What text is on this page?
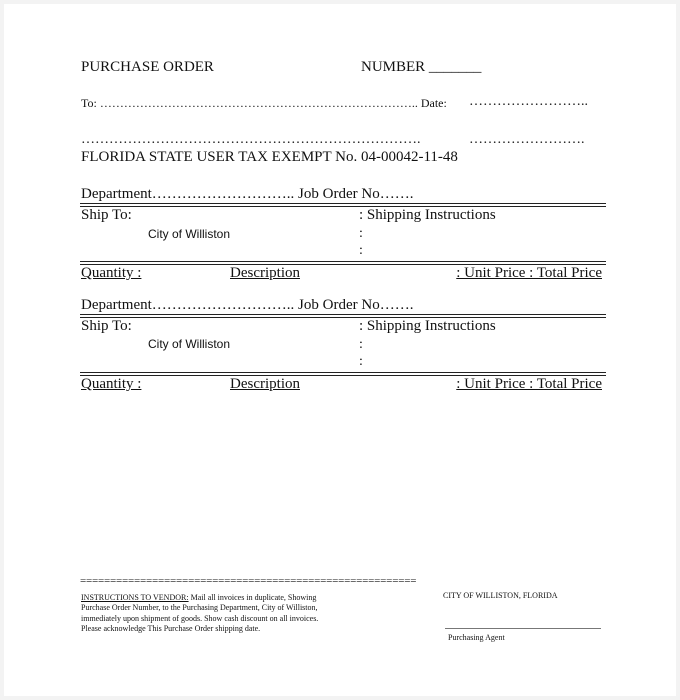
PURCHASE ORDER	NUMBER _______
To: …………………………………………………………………….. Date: ……………………..
……………………………………………………………….	…………………….
FLORIDA STATE USER TAX EXEMPT No. 04-00042-11-48
Department……………………….. Job Order No…….
Ship To:	: Shipping Instructions
City of Williston	:
:
Quantity :	Description	: Unit Price : Total Price
Department……………………….. Job Order No…….
Ship To:	: Shipping Instructions
City of Williston	:
:
Quantity :	Description	: Unit Price : Total Price
========================================================
INSTRUCTIONS TO VENDOR: Mail all invoices in duplicate, Showing Purchase Order Number, to the Purchasing Department, City of Williston, immediately upon shipment of goods. Show cash discount on all invoices. Please acknowledge This Purchase Order shipping date.
CITY OF WILLISTON, FLORIDA
Purchasing Agent
